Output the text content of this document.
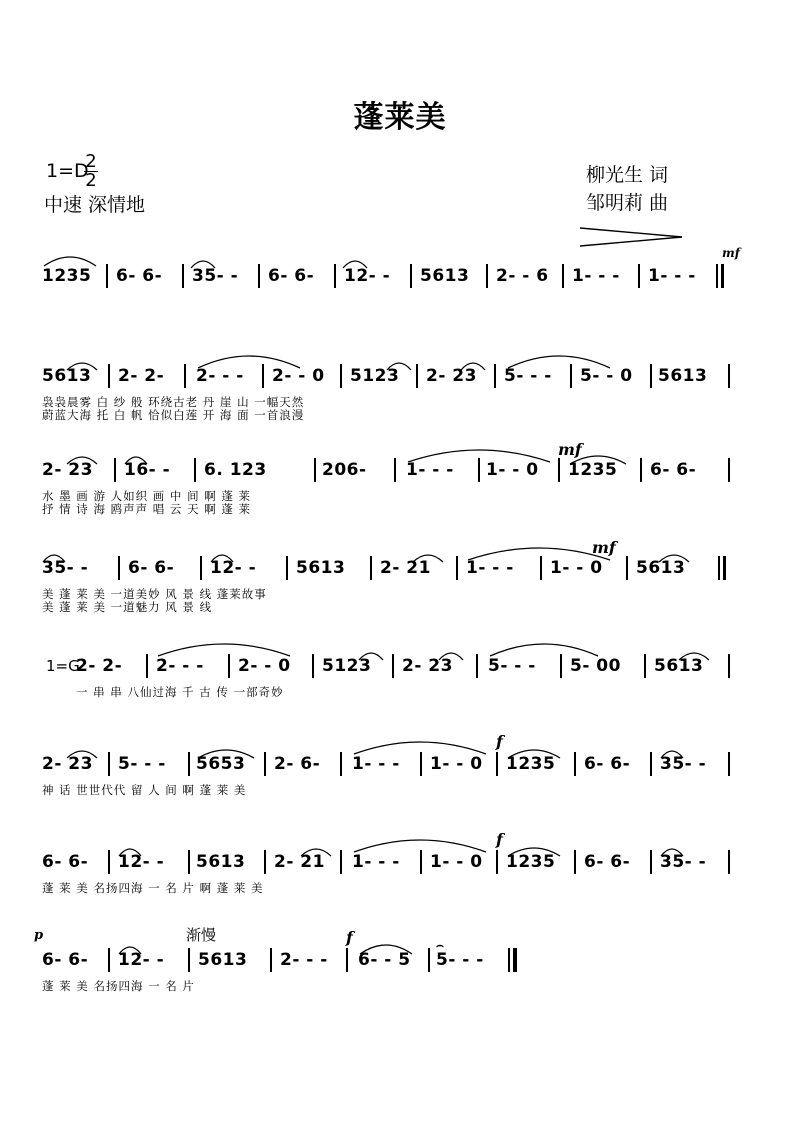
蓬莱美
1=D
2
2
中速 深情地
柳光生 词
邹明莉 曲
1235 6- 6- 35- - 6- 6- 12- - 5613 2- - 6 1- - - 1- - -
mf
5613 2- 2- 2- - - 2- - 0 5123 2- 23 5- - - 5- - 0 5613
袅袅晨雾 白 纱 般 环绕古老 丹 崖 山 一幅天然
蔚蓝大海 托 白 帆 恰似白莲 开 海 面 一首浪漫
2- 23 16- - 6. 123	206- 1- - - 1- - 0
mf
1235 6- 6-
水 墨 画 游 人如织 画 中 间 啊 蓬 莱
抒 情 诗 海 鸥声声 唱 云 天 啊 蓬 莱
35- - 6- 6- 12- - 5613 2- 21 1- - - 1- - 0
mf
5613
美 蓬 莱 美 一道美妙 风 景 线 蓬莱故事
美 蓬 莱 美 一道魅力 风 景 线
1=G
2- 2- 2- - - 2- - 0 5123 2- 23 5- - - 5- 00 5613
一 串 串 八仙过海 千 古 传 一部奇妙
2- 23 5- - - 5653 2- 6- 1- - - 1- - 0
f
1235 6- 6- 35- -
神 话 世世代代 留 人 间 啊 蓬 莱 美
6- 6- 12- - 5613 2- 21 1- - - 1- - 0
f
1235 6- 6- 35- -
蓬 莱 美 名扬四海 一 名 片 啊 蓬 莱 美
p	渐慢
6- 6- 12- - 5613 2- - -
f
6- - 5
⌢
5- - -
蓬 莱 美 名扬四海 一 名 片
